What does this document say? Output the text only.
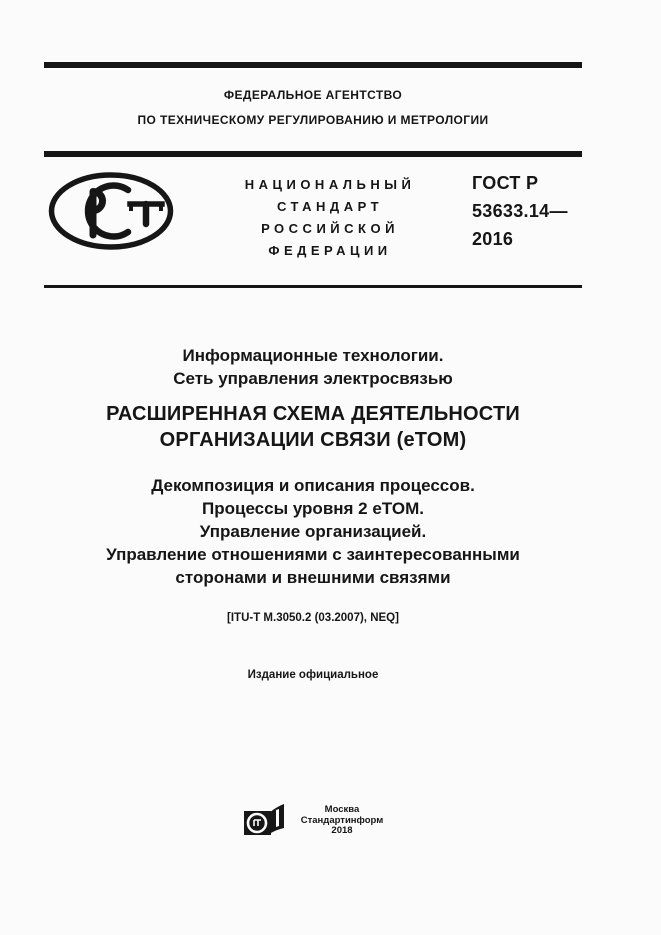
ФЕДЕРАЛЬНОЕ АГЕНТСТВО
ПО ТЕХНИЧЕСКОМУ РЕГУЛИРОВАНИЮ И МЕТРОЛОГИИ
НАЦИОНАЛЬНЫЙ
СТАНДАРТ
РОССИЙСКОЙ
ФЕДЕРАЦИИ
ГОСТ Р
53633.14—
2016
Информационные технологии.
Сеть управления электросвязью
РАСШИРЕННАЯ СХЕМА ДЕЯТЕЛЬНОСТИ
ОРГАНИЗАЦИИ СВЯЗИ (eTOM)
Декомпозиция и описания процессов.
Процессы уровня 2 eTOM.
Управление организацией.
Управление отношениями с заинтересованными
сторонами и внешними связями
[ITU-T M.3050.2 (03.2007), NEQ]
Издание официальное
Москва
Стандартинформ
2018
